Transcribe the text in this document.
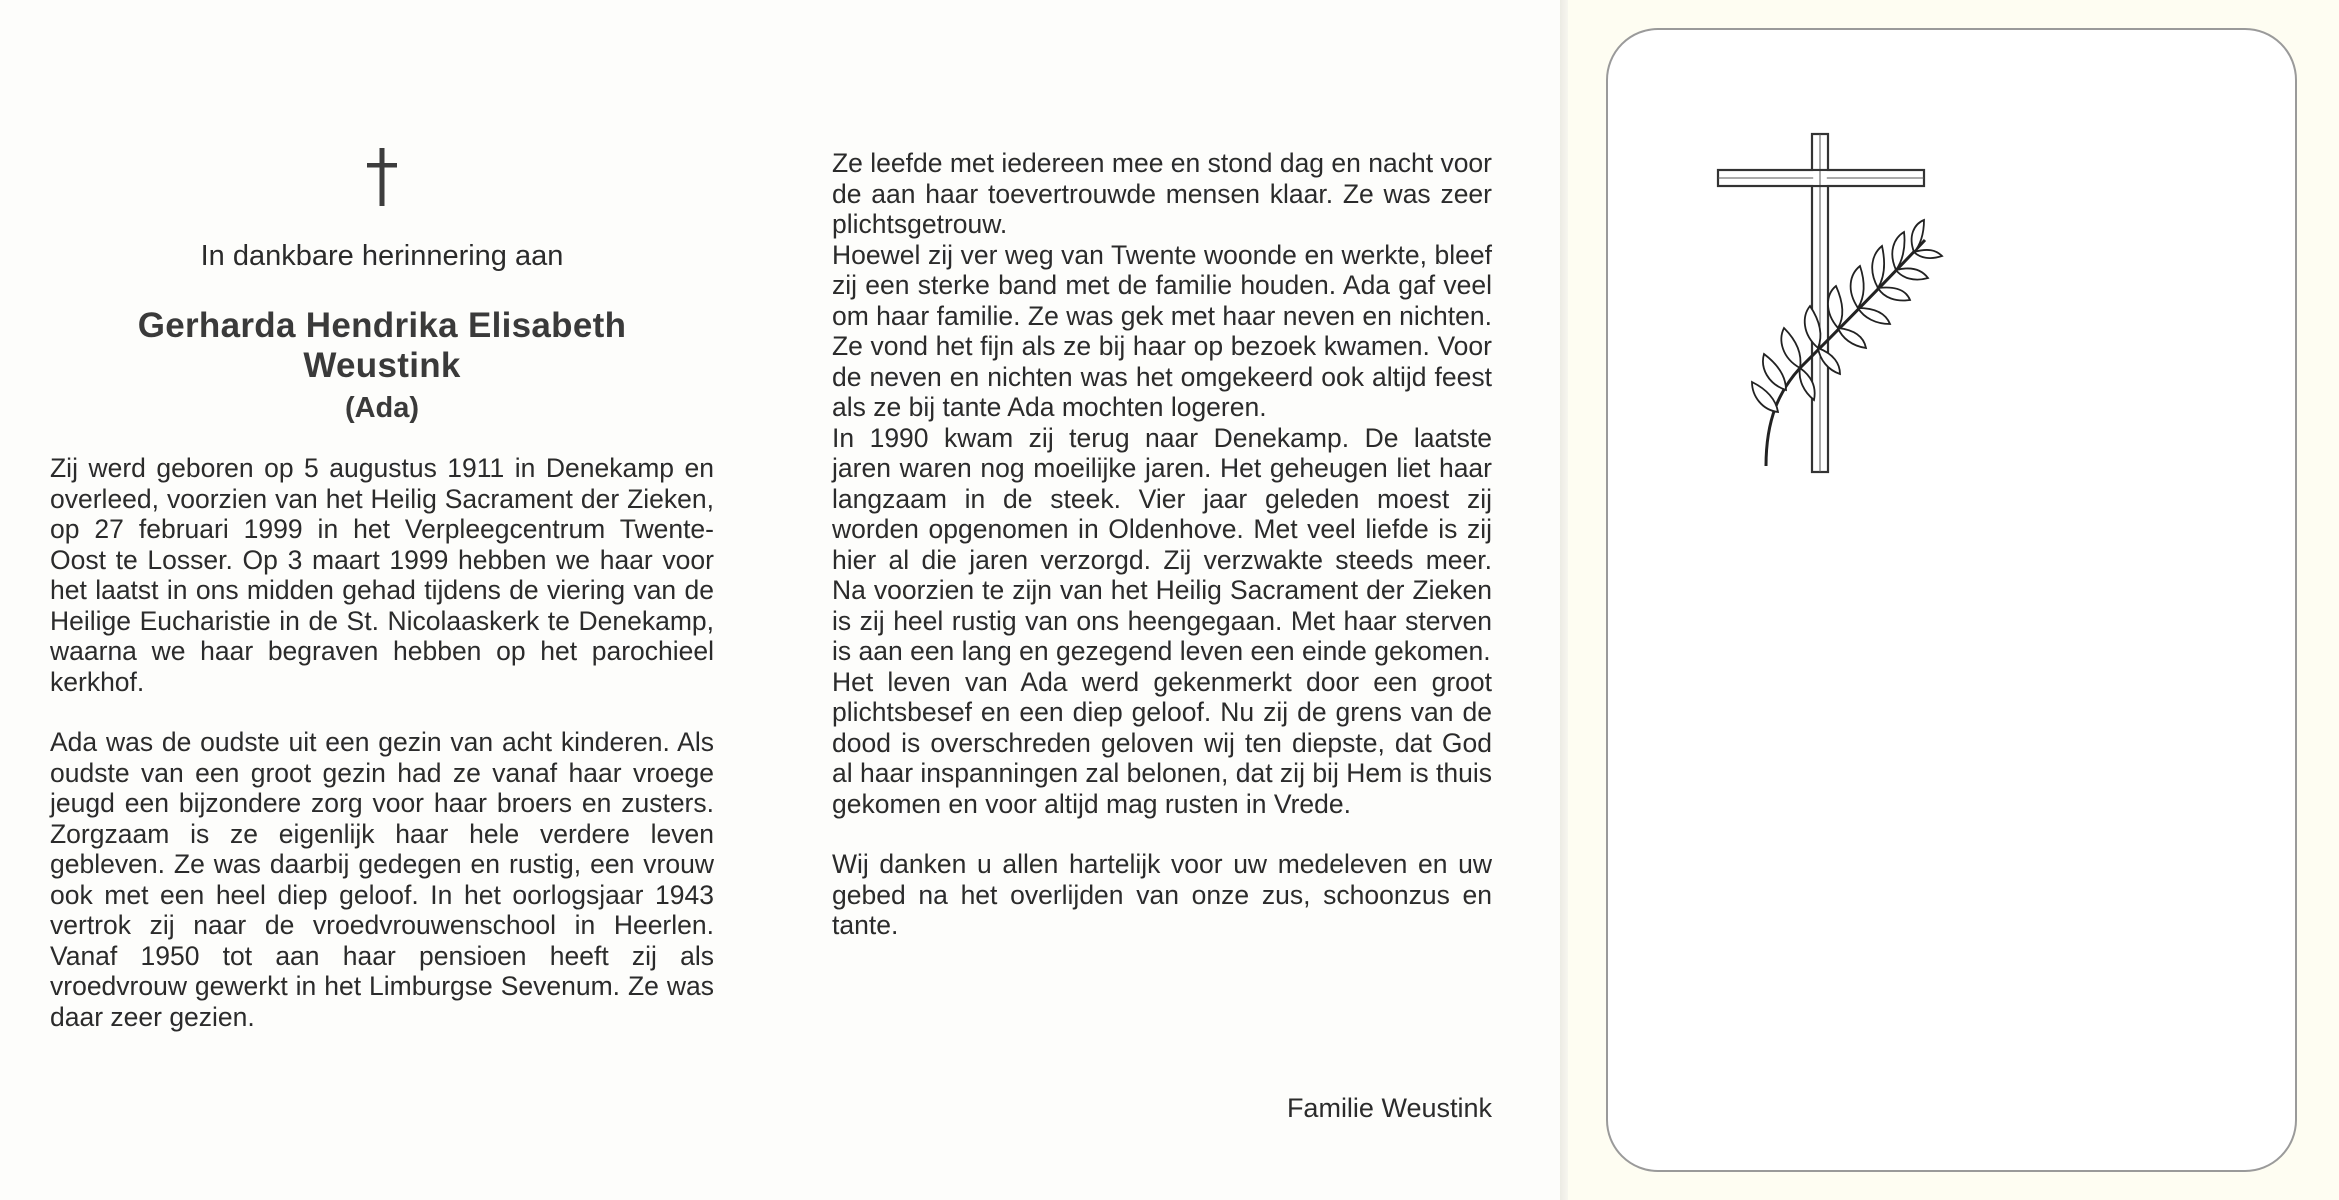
In dankbare herinnering aan
Gerharda Hendrika Elisabeth
Weustink
(Ada)

Zij werd geboren op 5 augustus 1911 in Denekamp en overleed, voorzien van het Heilig Sacrament der Zieken, op 27 februari 1999 in het Verpleegcentrum Twente-Oost te Losser. Op 3 maart 1999 hebben we haar voor het laatst in ons midden gehad tijdens de viering van de Heilige Eucharistie in de St. Nicolaaskerk te Denekamp, waarna we haar begraven hebben op het parochieel kerkhof.

Ada was de oudste uit een gezin van acht kinderen. Als oudste van een groot gezin had ze vanaf haar vroege jeugd een bijzondere zorg voor haar broers en zusters. Zorgzaam is ze eigenlijk haar hele verdere leven gebleven. Ze was daarbij gedegen en rustig, een vrouw ook met een heel diep geloof. In het oorlogsjaar 1943 vertrok zij naar de vroedvrouwenschool in Heerlen. Vanaf 1950 tot aan haar pensioen heeft zij als vroedvrouw gewerkt in het Limburgse Sevenum. Ze was daar zeer gezien.

Ze leefde met iedereen mee en stond dag en nacht voor de aan haar toevertrouwde mensen klaar. Ze was zeer plichtsgetrouw.

Hoewel zij ver weg van Twente woonde en werkte, bleef zij een sterke band met de familie houden. Ada gaf veel om haar familie. Ze was gek met haar neven en nichten. Ze vond het fijn als ze bij haar op bezoek kwamen. Voor de neven en nichten was het omgekeerd ook altijd feest als ze bij tante Ada mochten logeren.

In 1990 kwam zij terug naar Denekamp. De laatste jaren waren nog moeilijke jaren. Het geheugen liet haar langzaam in de steek. Vier jaar geleden moest zij worden opgenomen in Oldenhove. Met veel liefde is zij hier al die jaren verzorgd. Zij verzwakte steeds meer. Na voorzien te zijn van het Heilig Sacrament der Zieken is zij heel rustig van ons heengegaan. Met haar sterven is aan een lang en gezegend leven een einde gekomen.

Het leven van Ada werd gekenmerkt door een groot plichtsbesef en een diep geloof. Nu zij de grens van de dood is overschreden geloven wij ten diepste, dat God al haar inspanningen zal belonen, dat zij bij Hem is thuis gekomen en voor altijd mag rusten in Vrede.

Wij danken u allen hartelijk voor uw medeleven en uw gebed na het overlijden van onze zus, schoonzus en tante.

Familie Weustink
